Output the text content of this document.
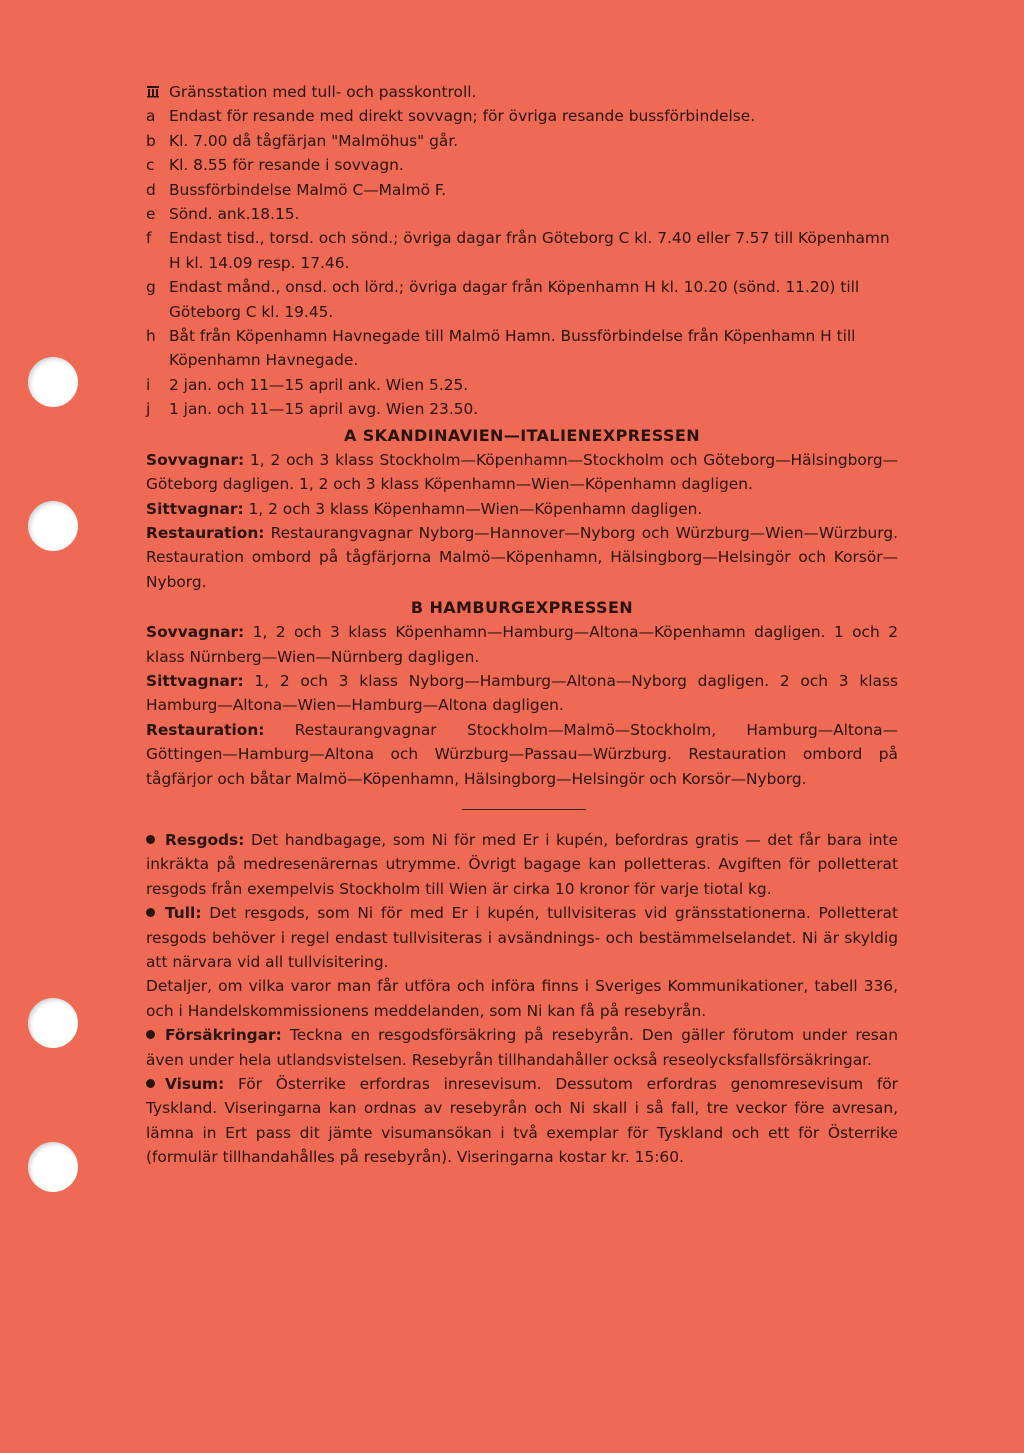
Gränsstation med tull- och passkontroll.
a Endast för resande med direkt sovvagn; för övriga resande bussförbindelse.
b Kl. 7.00 då tågfärjan "Malmöhus" går.
c Kl. 8.55 för resande i sovvagn.
d Bussförbindelse Malmö C—Malmö F.
e Sönd. ank.18.15.
f	Endast tisd., torsd. och sönd.; övriga dagar från Göteborg C kl. 7.40 eller 7.57 till Köpenhamn H kl. 14.09 resp. 17.46.
g Endast månd., onsd. och lörd.; övriga dagar från Köpenhamn H kl. 10.20 (sönd. 11.20) till Göteborg C kl. 19.45.
h Båt från Köpenhamn Havnegade till Malmö Hamn. Bussförbindelse från Köpenhamn H till Köpenhamn Havnegade.
i	2 jan. och 11—15 april ank. Wien 5.25.
j	1 jan. och 11—15 april avg. Wien 23.50.
A SKANDINAVIEN—ITALIENEXPRESSEN
Sovvagnar: 1, 2 och 3 klass Stockholm—Köpenhamn—Stockholm och Göteborg—Hälsingborg—Göteborg dagligen. 1, 2 och 3 klass Köpenhamn—Wien—Köpenhamn dagligen.
Sittvagnar: 1, 2 och 3 klass Köpenhamn—Wien—Köpenhamn dagligen.
Restauration: Restaurangvagnar Nyborg—Hannover—Nyborg och Würzburg—Wien—Würzburg. Restauration ombord på tågfärjorna Malmö—Köpenhamn, Hälsingborg—Helsingör och Korsör—Nyborg.
B HAMBURGEXPRESSEN
Sovvagnar: 1, 2 och 3 klass Köpenhamn—Hamburg—Altona—Köpenhamn dagligen. 1 och 2 klass Nürnberg—Wien—Nürnberg dagligen.
Sittvagnar: 1, 2 och 3 klass Nyborg—Hamburg—Altona—Nyborg dagligen. 2 och 3 klass Hamburg—Altona—Wien—Hamburg—Altona dagligen.
Restauration: Restaurangvagnar Stockholm—Malmö—Stockholm, Hamburg—Altona—Göttingen—Hamburg—Altona och Würzburg—Passau—Würzburg. Restauration ombord på tågfärjor och båtar Malmö—Köpenhamn, Hälsingborg—Helsingör och Korsör—Nyborg.
Resgods: Det handbagage, som Ni för med Er i kupén, befordras gratis — det får bara inte inkräkta på medresenärernas utrymme. Övrigt bagage kan polletteras. Avgiften för polletterat resgods från exempelvis Stockholm till Wien är cirka 10 kronor för varje tiotal kg.
Tull: Det resgods, som Ni för med Er i kupén, tullvisiteras vid gränsstationerna. Polletterat resgods behöver i regel endast tullvisiteras i avsändnings- och bestämmelselandet. Ni är skyldig att närvara vid all tullvisitering.
Detaljer, om vilka varor man får utföra och införa finns i Sveriges Kommunikationer, tabell 336, och i Handelskommissionens meddelanden, som Ni kan få på resebyrån.
Försäkringar: Teckna en resgodsförsäkring på resebyrån. Den gäller förutom under resan även under hela utlandsvistelsen. Resebyrån tillhandahåller också reseolycksfallsförsäkringar.
Visum: För Österrike erfordras inresevisum. Dessutom erfordras genomresevisum för Tyskland. Viseringarna kan ordnas av resebyrån och Ni skall i så fall, tre veckor före avresan, lämna in Ert pass dit jämte visumansökan i två exemplar för Tyskland och ett för Österrike (formulär tillhandahålles på resebyrån). Viseringarna kostar kr. 15:60.
